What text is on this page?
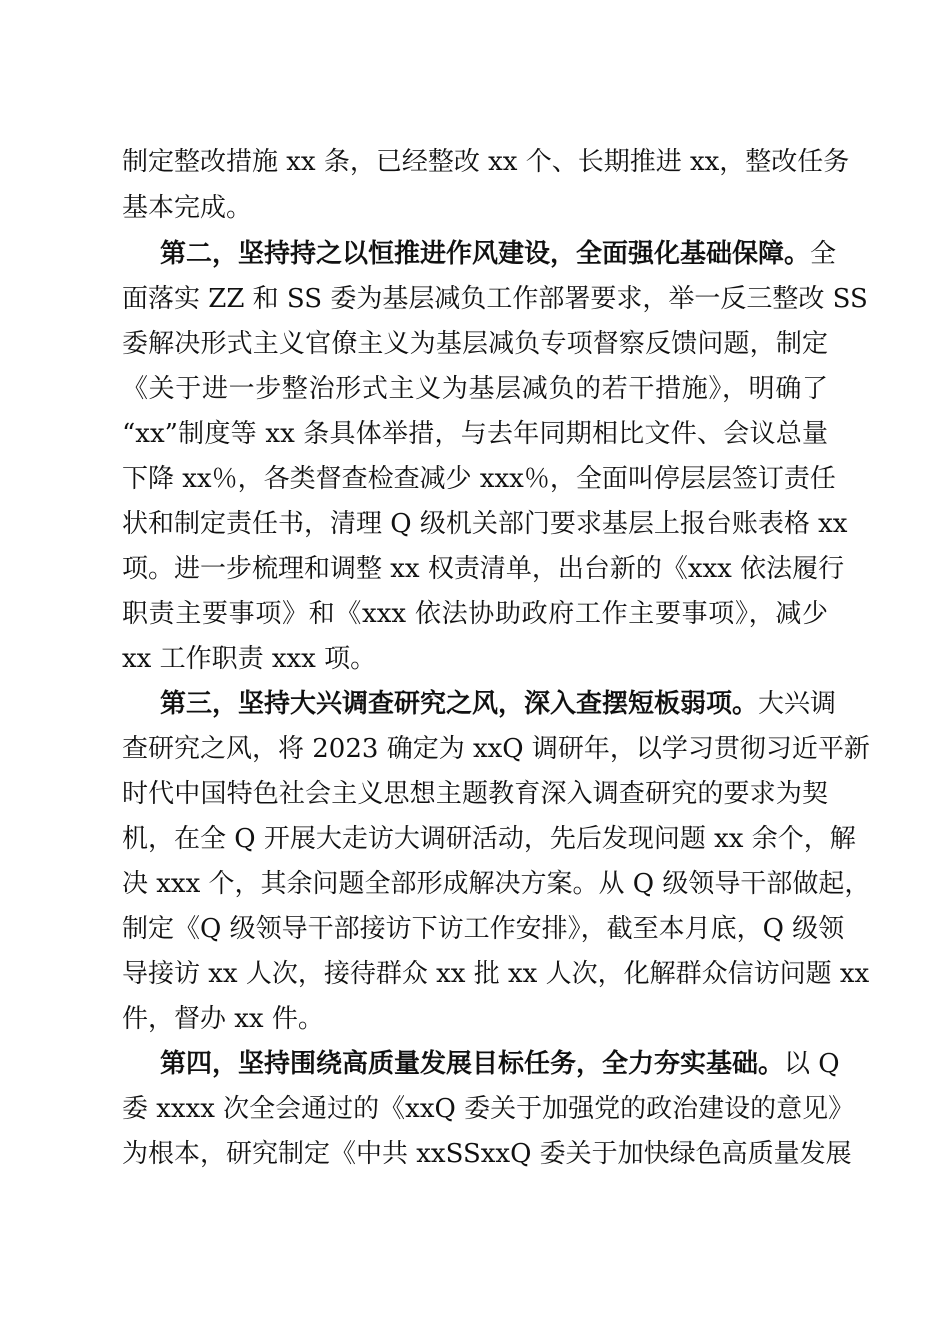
制定整改措施 xx 条，已经整改 xx 个、长期推进 xx，整改任务
基本完成。
第二，坚持持之以恒推进作风建设，全面强化基础保障。全
面落实 ZZ 和 SS 委为基层减负工作部署要求，举一反三整改 SS
委解决形式主义官僚主义为基层减负专项督察反馈问题，制定
《关于进一步整治形式主义为基层减负的若干措施》，明确了
“xx”制度等 xx 条具体举措，与去年同期相比文件、会议总量
下降 xx％，各类督查检查减少 xxx％，全面叫停层层签订责任
状和制定责任书，清理 Q 级机关部门要求基层上报台账表格 xx
项。进一步梳理和调整 xx 权责清单，出台新的《xxx 依法履行
职责主要事项》和《xxx 依法协助政府工作主要事项》，减少
xx 工作职责 xxx 项。
第三，坚持大兴调查研究之风，深入查摆短板弱项。大兴调
查研究之风，将 2023 确定为 xxQ 调研年，以学习贯彻习近平新
时代中国特色社会主义思想主题教育深入调查研究的要求为契
机，在全 Q 开展大走访大调研活动，先后发现问题 xx 余个，解
决 xxx 个，其余问题全部形成解决方案。从 Q 级领导干部做起，
制定《Q 级领导干部接访下访工作安排》，截至本月底，Q 级领
导接访 xx 人次，接待群众 xx 批 xx 人次，化解群众信访问题 xx
件，督办 xx 件。
第四，坚持围绕高质量发展目标任务，全力夯实基础。以 Q
委 xxxx 次全会通过的《xxQ 委关于加强党的政治建设的意见》
为根本，研究制定《中共 xxSSxxQ 委关于加快绿色高质量发展
